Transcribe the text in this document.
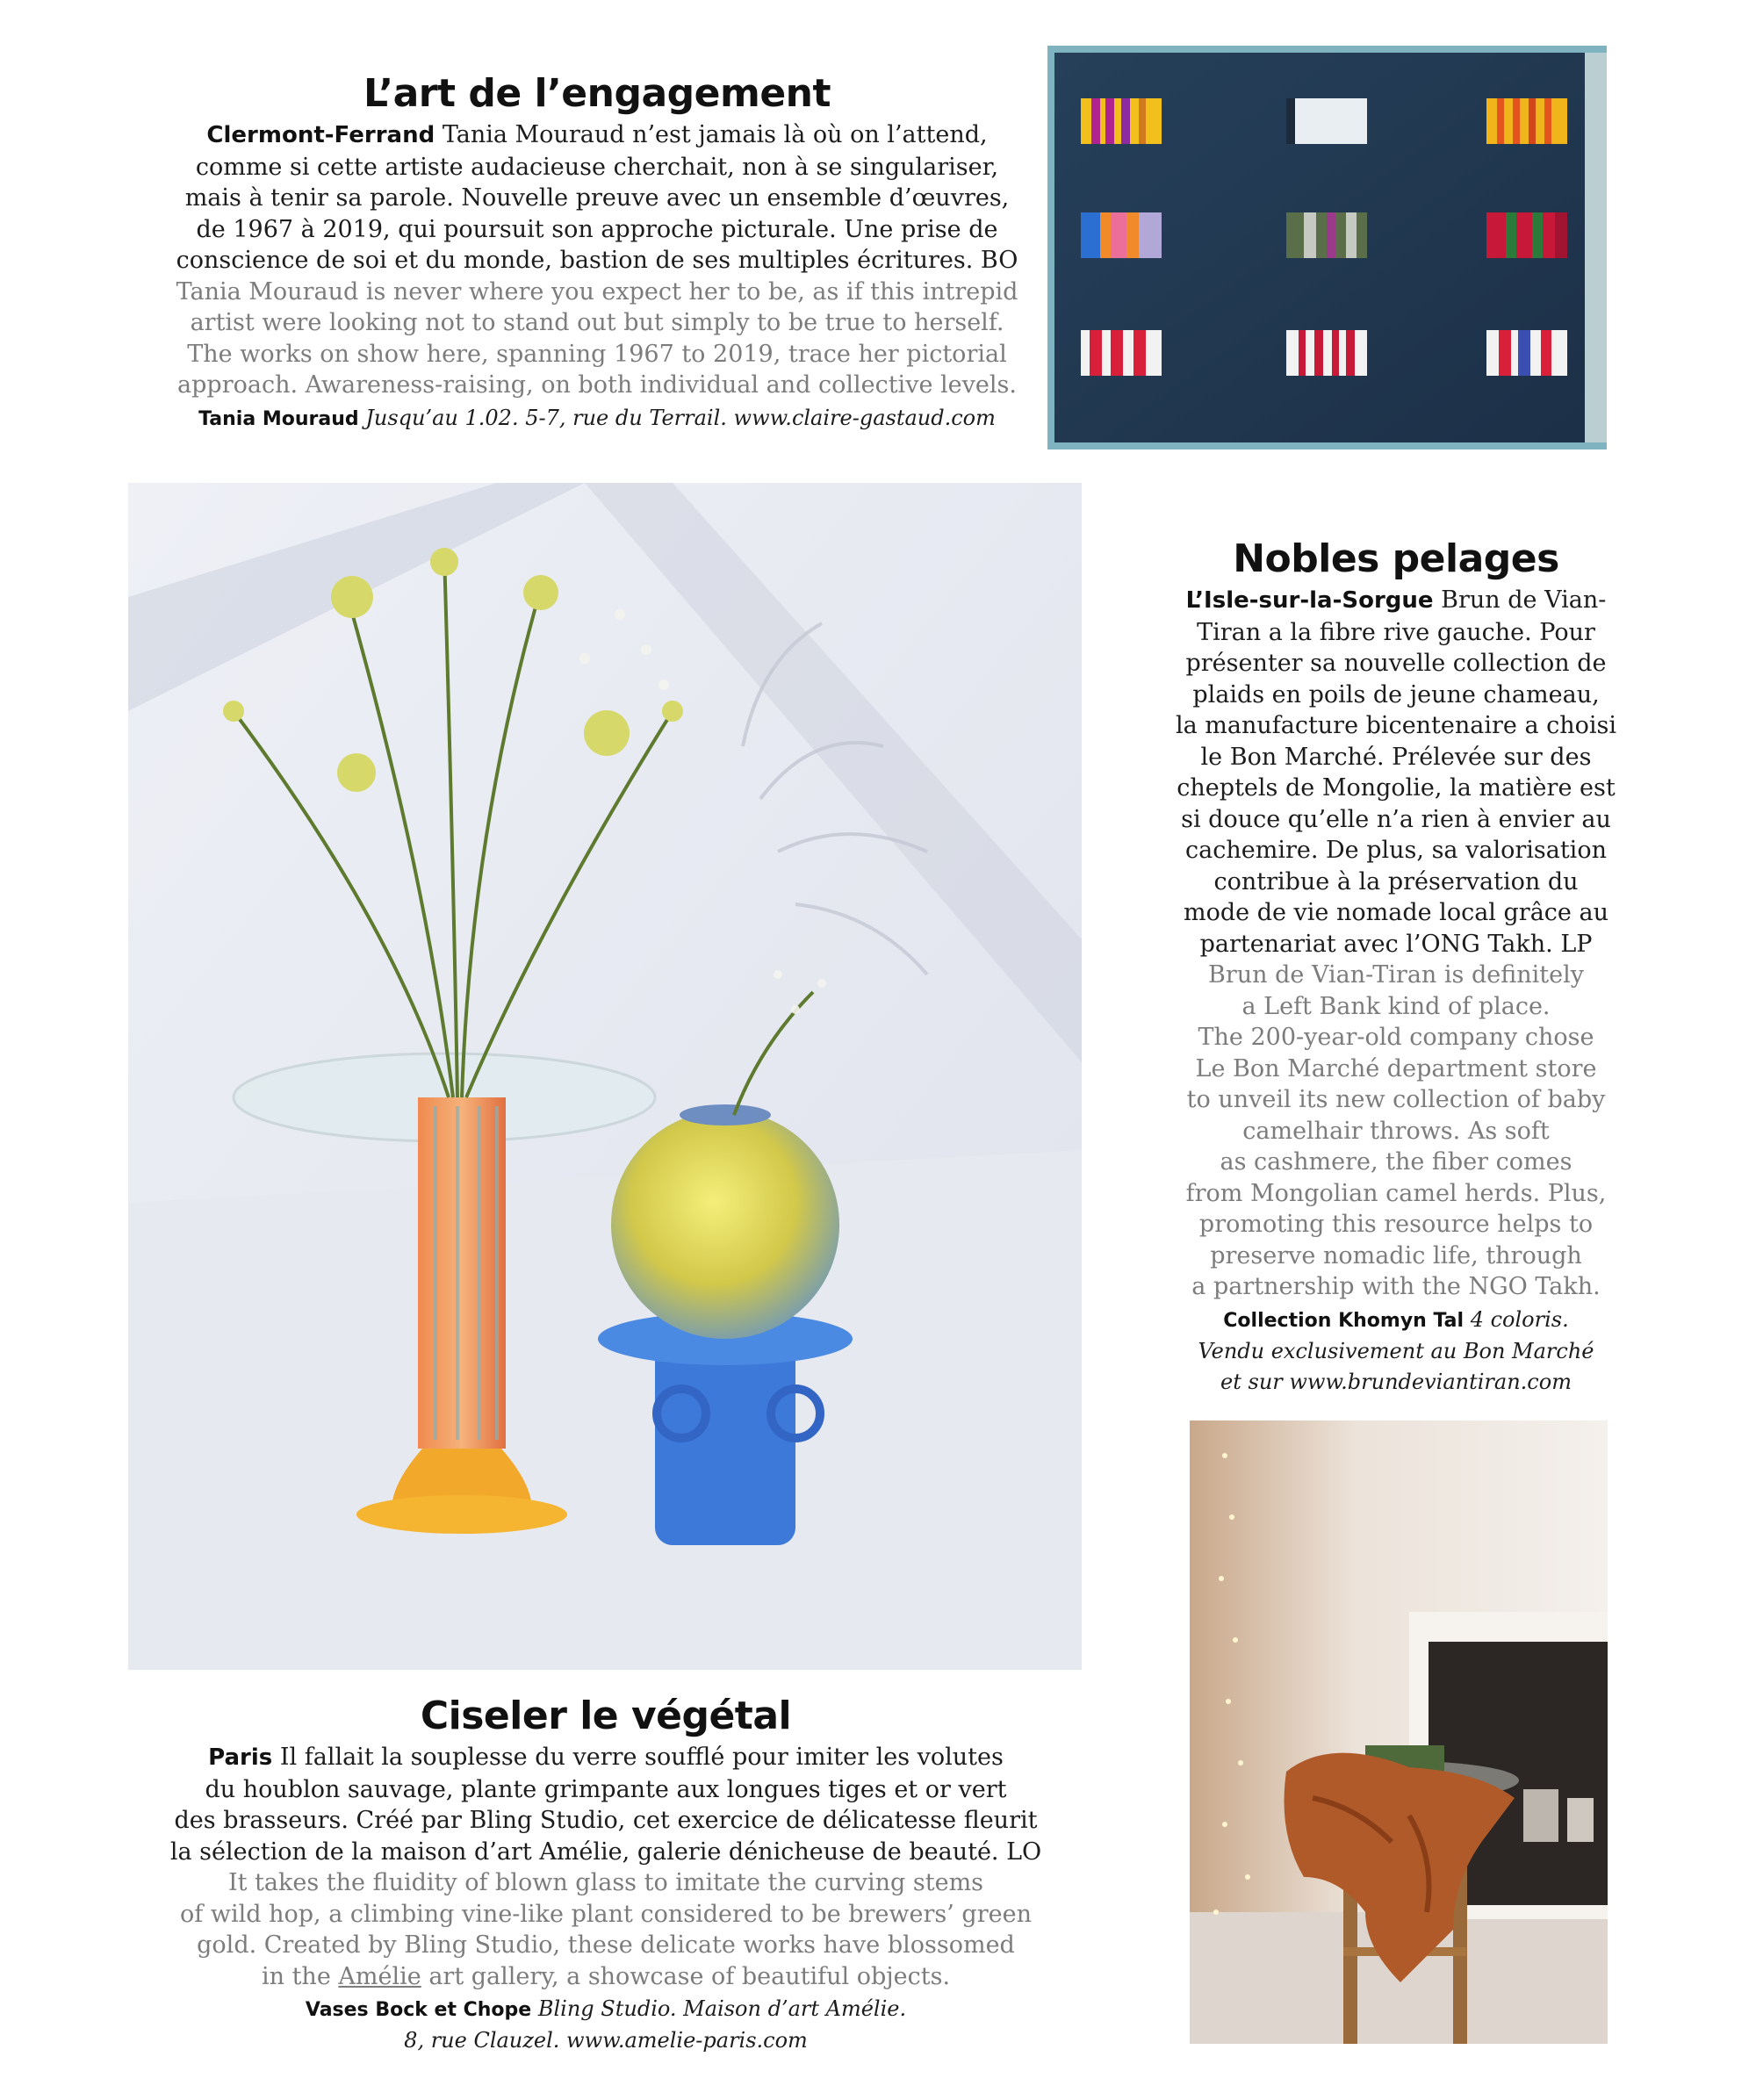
L’art de l’engagement

Clermont-Ferrand Tania Mouraud n’est jamais là où on l’attend,
comme si cette artiste audacieuse cherchait, non à se singulariser,
mais à tenir sa parole. Nouvelle preuve avec un ensemble d’œuvres,
de 1967 à 2019, qui poursuit son approche picturale. Une prise de
conscience de soi et du monde, bastion de ses multiples écritures. BO

Tania Mouraud is never where you expect her to be, as if this intrepid
artist were looking not to stand out but simply to be true to herself.
The works on show here, spanning 1967 to 2019, trace her pictorial
approach. Awareness-raising, on both individual and collective levels.

Tania Mouraud Jusqu’au 1.02. 5-7, rue du Terrail. www.claire-gastaud.com

Nobles pelages

L’Isle-sur-la-Sorgue Brun de Vian-
Tiran a la fibre rive gauche. Pour
présenter sa nouvelle collection de
plaids en poils de jeune chameau,
la manufacture bicentenaire a choisi
le Bon Marché. Prélevée sur des
cheptels de Mongolie, la matière est
si douce qu’elle n’a rien à envier au
cachemire. De plus, sa valorisation
contribue à la préservation du
mode de vie nomade local grâce au
partenariat avec l’ONG Takh. LP

Brun de Vian-Tiran is definitely
a Left Bank kind of place.
The 200-year-old company chose
Le Bon Marché department store
to unveil its new collection of baby
camelhair throws. As soft
as cashmere, the fiber comes
from Mongolian camel herds. Plus,
promoting this resource helps to
preserve nomadic life, through
a partnership with the NGO Takh.

Collection Khomyn Tal 4 coloris.
Vendu exclusivement au Bon Marché
et sur www.brundeviantiran.com

Ciseler le végétal

Paris Il fallait la souplesse du verre soufflé pour imiter les volutes
du houblon sauvage, plante grimpante aux longues tiges et or vert
des brasseurs. Créé par Bling Studio, cet exercice de délicatesse fleurit
la sélection de la maison d’art Amélie, galerie dénicheuse de beauté. LO

It takes the fluidity of blown glass to imitate the curving stems
of wild hop, a climbing vine-like plant considered to be brewers’ green
gold. Created by Bling Studio, these delicate works have blossomed
in the Amélie art gallery, a showcase of beautiful objects.

Vases Bock et Chope Bling Studio. Maison d’art Amélie.
8, rue Clauzel. www.amelie-paris.com
